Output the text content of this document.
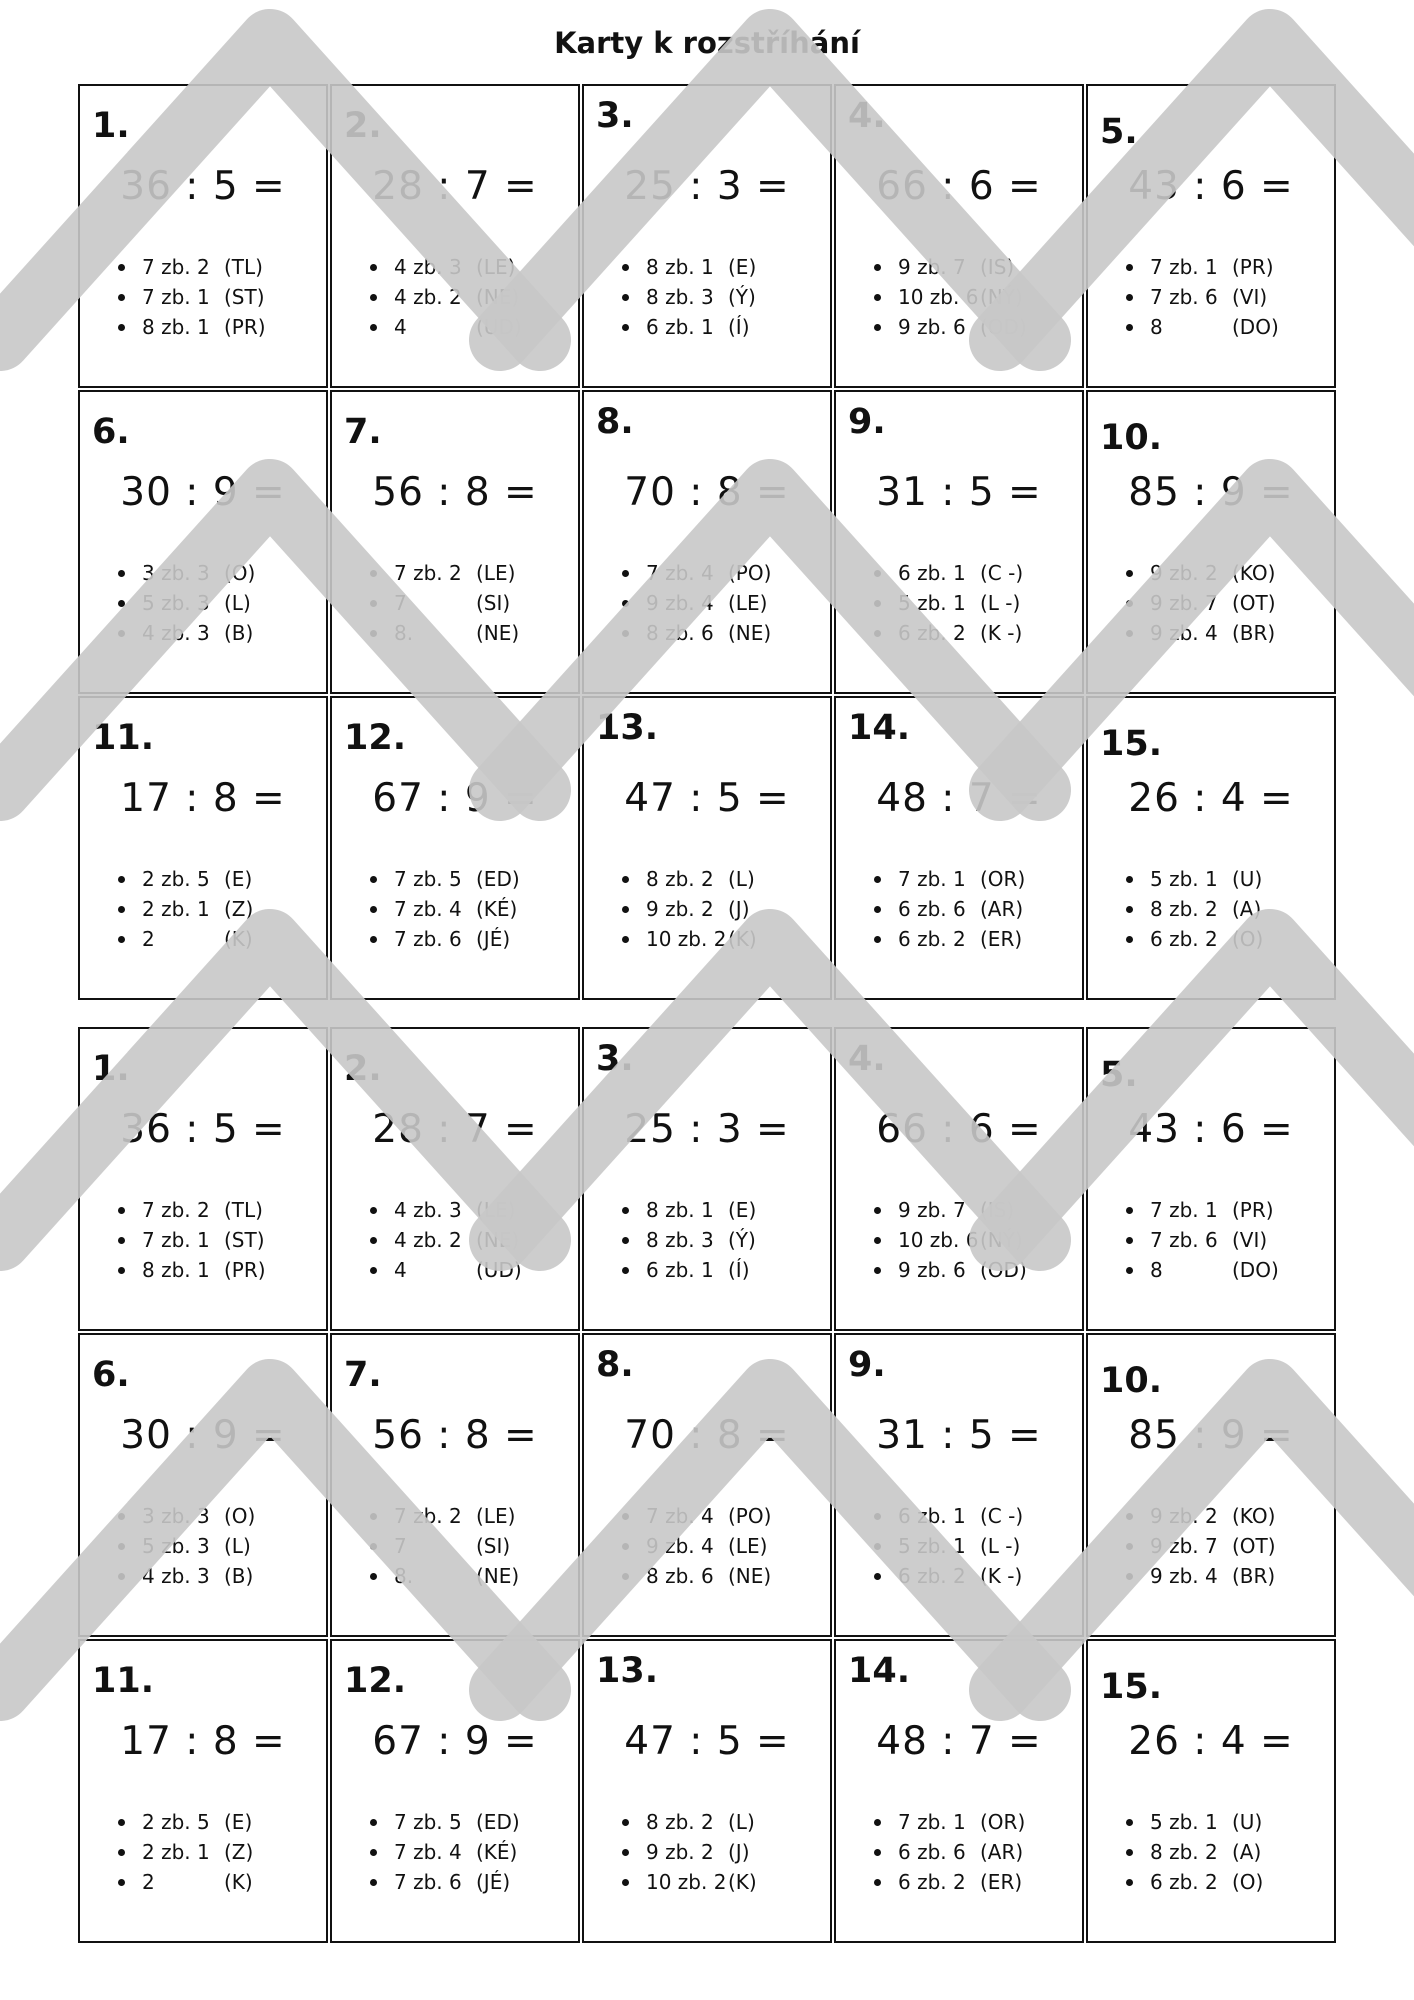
Karty k rozstříhání
1.
36 : 5 =
7 zb. 2 (TL)
7 zb. 1 (ST)
8 zb. 1 (PR)
2.
28 : 7 =
4 zb. 3 (LE)
4 zb. 2 (NE)
4	(UD)
3.
25 : 3 =
8 zb. 1 (E)
8 zb. 3 (Ý)
6 zb. 1 (Í)
4.
66 : 6 =
9 zb. 7 (IS)
10 zb. 6(NÝ)
9 zb. 6 (OD)
5.
43 : 6 =
7 zb. 1 (PR)
7 zb. 6 (VI)
8	(DO)
6.
30 : 9 =
3 zb. 3 (O)
5 zb. 3 (L)
4 zb. 3 (B)
7.
56 : 8 =
7 zb. 2 (LE)
7	(SI)
8.	(NE)
8.
70 : 8 =
7 zb. 4 (PO)
9 zb. 4 (LE)
8 zb. 6 (NE)
9.
31 : 5 =
6 zb. 1 (C -)
5 zb. 1 (L -)
6 zb. 2 (K -)
10.
85 : 9 =
9 zb. 2 (KO)
9 zb. 7 (OT)
9 zb. 4 (BR)
11.
17 : 8 =
2 zb. 5 (E)
2 zb. 1 (Z)
2	(K)
12.
67 : 9 =
7 zb. 5 (ED)
7 zb. 4 (KÉ)
7 zb. 6 (JÉ)
13.
47 : 5 =
8 zb. 2 (L)
9 zb. 2 (J)
10 zb. 2(K)
14.
48 : 7 =
7 zb. 1 (OR)
6 zb. 6 (AR)
6 zb. 2 (ER)
15.
26 : 4 =
5 zb. 1 (U)
8 zb. 2 (A)
6 zb. 2 (O)
1.
36 : 5 =
7 zb. 2 (TL)
7 zb. 1 (ST)
8 zb. 1 (PR)
2.
28 : 7 =
4 zb. 3 (LE)
4 zb. 2 (NE)
4	(UD)
3.
25 : 3 =
8 zb. 1 (E)
8 zb. 3 (Ý)
6 zb. 1 (Í)
4.
66 : 6 =
9 zb. 7 (IS)
10 zb. 6(NÝ)
9 zb. 6 (OD)
5.
43 : 6 =
7 zb. 1 (PR)
7 zb. 6 (VI)
8	(DO)
6.
30 : 9 =
3 zb. 3 (O)
5 zb. 3 (L)
4 zb. 3 (B)
7.
56 : 8 =
7 zb. 2 (LE)
7	(SI)
8.	(NE)
8.
70 : 8 =
7 zb. 4 (PO)
9 zb. 4 (LE)
8 zb. 6 (NE)
9.
31 : 5 =
6 zb. 1 (C -)
5 zb. 1 (L -)
6 zb. 2 (K -)
10.
85 : 9 =
9 zb. 2 (KO)
9 zb. 7 (OT)
9 zb. 4 (BR)
11.
17 : 8 =
2 zb. 5 (E)
2 zb. 1 (Z)
2	(K)
12.
67 : 9 =
7 zb. 5 (ED)
7 zb. 4 (KÉ)
7 zb. 6 (JÉ)
13.
47 : 5 =
8 zb. 2 (L)
9 zb. 2 (J)
10 zb. 2(K)
14.
48 : 7 =
7 zb. 1 (OR)
6 zb. 6 (AR)
6 zb. 2 (ER)
15.
26 : 4 =
5 zb. 1 (U)
8 zb. 2 (A)
6 zb. 2 (O)
